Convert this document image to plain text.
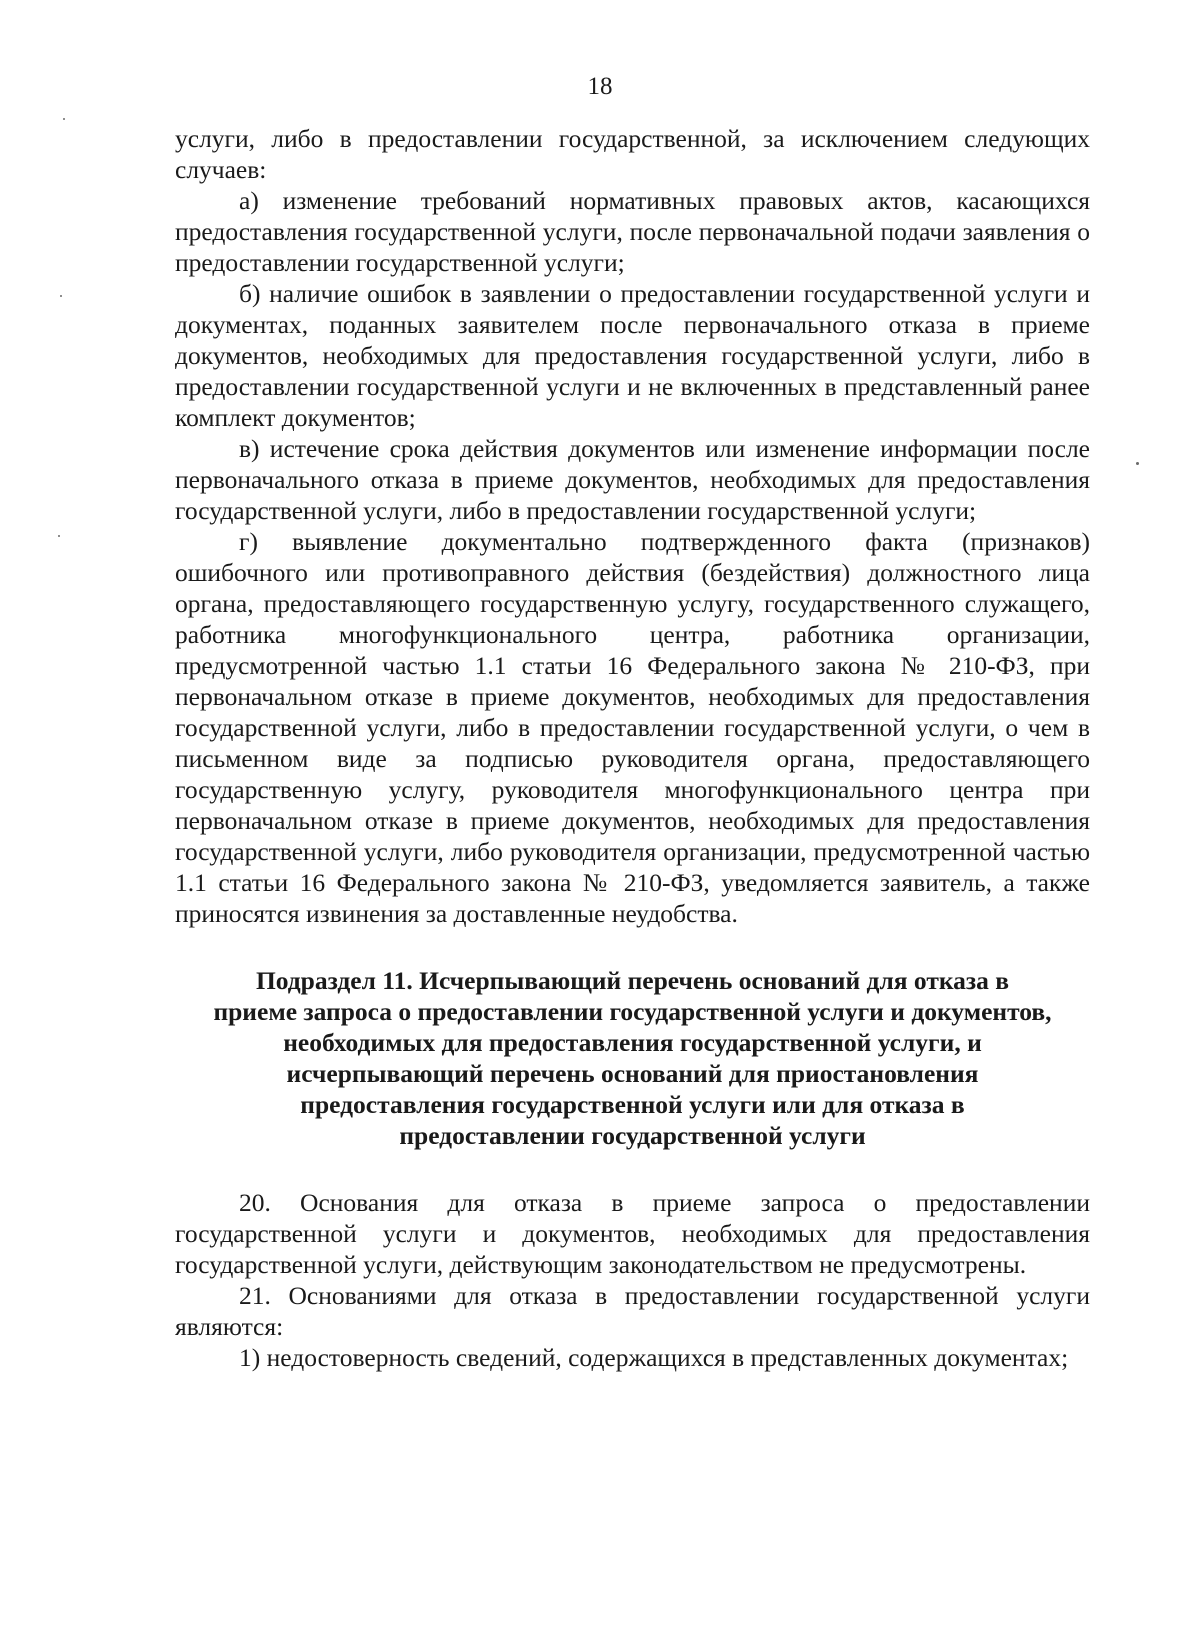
18

услуги, либо в предоставлении государственной, за исключением следующих случаев:

а) изменение требований нормативных правовых актов, касающихся предоставления государственной услуги, после первоначальной подачи заявления о предоставлении государственной услуги;

б) наличие ошибок в заявлении о предоставлении государственной услуги и документах, поданных заявителем после первоначального отказа в приеме документов, необходимых для предоставления государственной услуги, либо в предоставлении государственной услуги и не включенных в представленный ранее комплект документов;

в) истечение срока действия документов или изменение информации после первоначального отказа в приеме документов, необходимых для предоставления государственной услуги, либо в предоставлении государственной услуги;

г) выявление документально подтвержденного факта (признаков) ошибочного или противоправного действия (бездействия) должностного лица органа, предоставляющего государственную услугу, государственного служащего, работника многофункционального центра, работника организации, предусмотренной частью 1.1 статьи 16 Федерального закона № 210-ФЗ, при первоначальном отказе в приеме документов, необходимых для предоставления государственной услуги, либо в предоставлении государственной услуги, о чем в письменном виде за подписью руководителя органа, предоставляющего государственную услугу, руководителя многофункционального центра при первоначальном отказе в приеме документов, необходимых для предоставления государственной услуги, либо руководителя организации, предусмотренной частью 1.1 статьи 16 Федерального закона № 210-ФЗ, уведомляется заявитель, а также приносятся извинения за доставленные неудобства.

Подраздел 11. Исчерпывающий перечень оснований для отказа в
приеме запроса о предоставлении государственной услуги и документов,
необходимых для предоставления государственной услуги, и
исчерпывающий перечень оснований для приостановления
предоставления государственной услуги или для отказа в
предоставлении государственной услуги

20. Основания для отказа в приеме запроса о предоставлении государственной услуги и документов, необходимых для предоставления государственной услуги, действующим законодательством не предусмотрены.

21. Основаниями для отказа в предоставлении государственной услуги являются:

1) недостоверность сведений, содержащихся в представленных документах;
